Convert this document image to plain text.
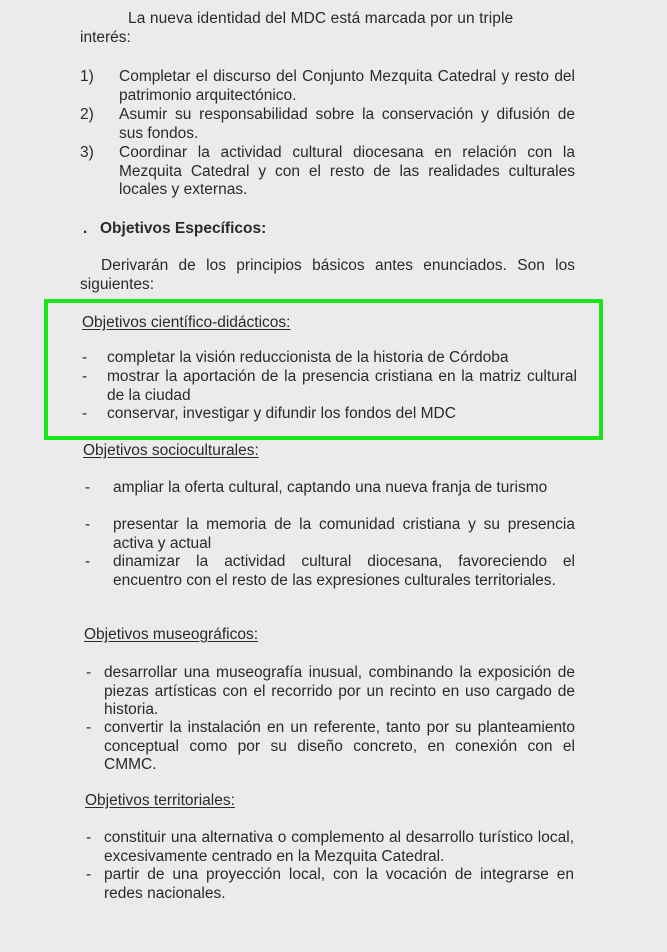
La nueva identidad del MDC está marcada por un triple

interés:

1) Completar el discurso del Conjunto Mezquita Catedral y resto del patrimonio arquitectónico.

2) Asumir su responsabilidad sobre la conservación y difusión de sus fondos.

3) Coordinar la actividad cultural diocesana en relación con la Mezquita Catedral y con el resto de las realidades culturales locales y externas.

. Objetivos Específicos:

Derivarán de los principios básicos antes enunciados. Son los siguientes:

Objetivos científico-didácticos:

- completar la visión reduccionista de la historia de Córdoba

- mostrar la aportación de la presencia cristiana en la matriz cultural de la ciudad

- conservar, investigar y difundir los fondos del MDC

Objetivos socioculturales:

- ampliar la oferta cultural, captando una nueva franja de turismo

- presentar la memoria de la comunidad cristiana y su presencia activa y actual

- dinamizar la actividad cultural diocesana, favoreciendo el encuentro con el resto de las expresiones culturales territoriales.

Objetivos museográficos:

- desarrollar una museografía inusual, combinando la exposición de piezas artísticas con el recorrido por un recinto en uso cargado de historia.

- convertir la instalación en un referente, tanto por su planteamiento conceptual como por su diseño concreto, en conexión con el CMMC.

Objetivos territoriales:

- constituir una alternativa o complemento al desarrollo turístico local, excesivamente centrado en la Mezquita Catedral.

- partir de una proyección local, con la vocación de integrarse en redes nacionales.
